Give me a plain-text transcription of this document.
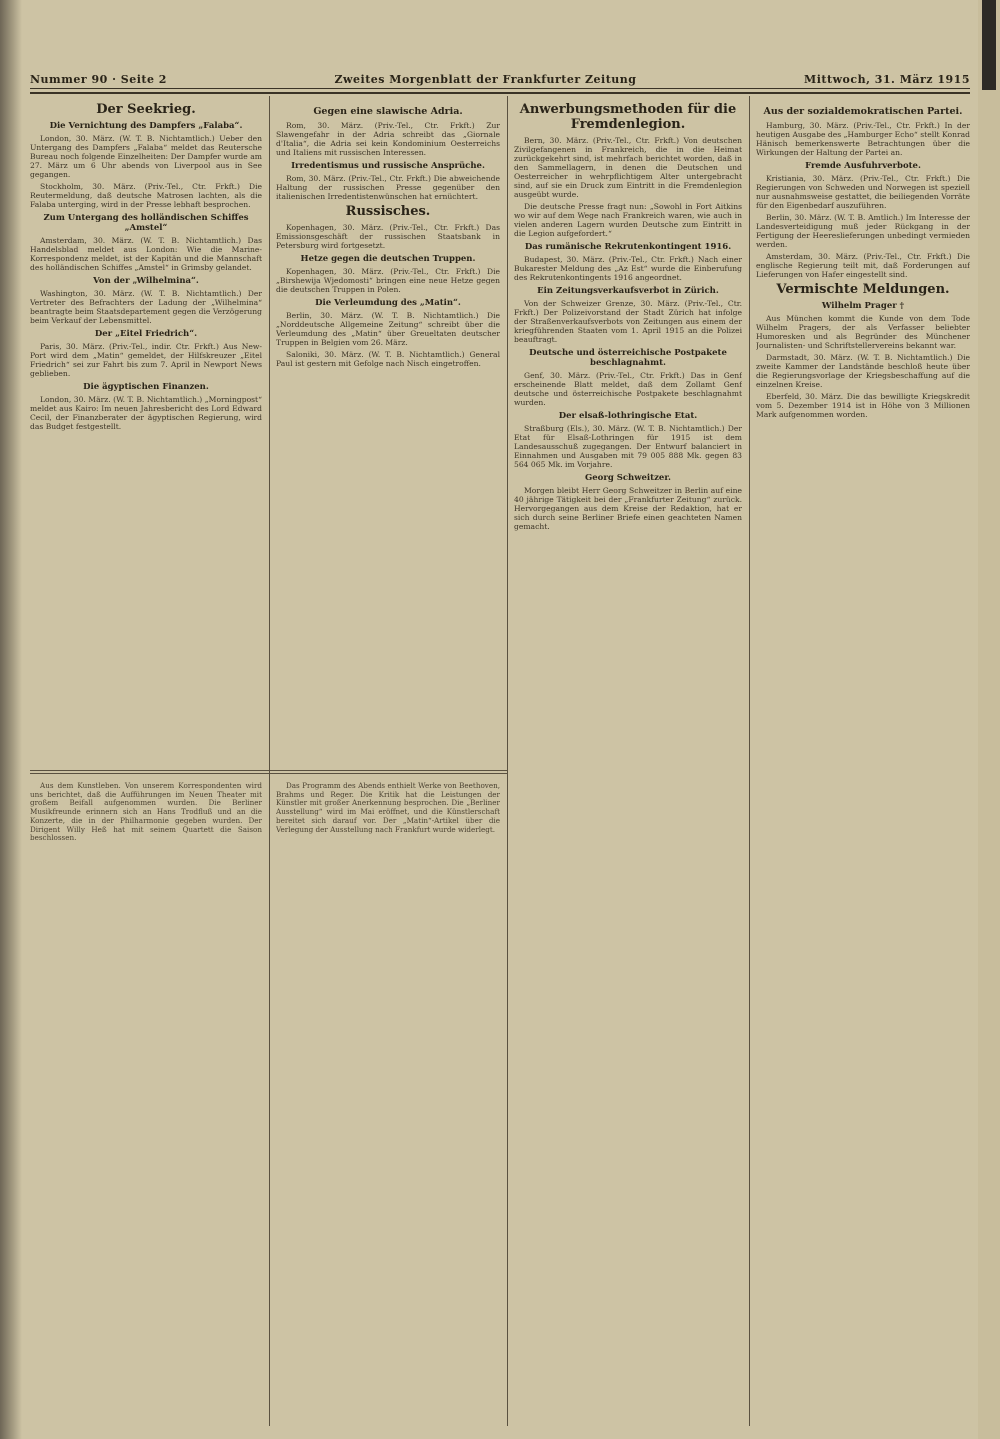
Nummer 90 · Seite 2	Zweites Morgenblatt der Frankfurter Zeitung	Mittwoch, 31. März 1915
Der Seekrieg.
Die Vernichtung des Dampfers „Falaba“.

London, 30. März. (W. T. B. Nichtamtlich.) Ueber den Untergang des Dampfers „Falaba“ meldet das Reutersche Bureau noch folgende Einzelheiten: Der Dampfer wurde am 27. März um 6 Uhr abends von Liverpool aus in See gegangen.

Stockholm, 30. März. (Priv.-Tel., Ctr. Frkft.) Die Reutermeldung, daß deutsche Matrosen lachten, als die Falaba unterging, wird in der Presse lebhaft besprochen.

Zum Untergang des holländischen Schiffes „Amstel“

Amsterdam, 30. März. (W. T. B. Nichtamtlich.) Das Handelsblad meldet aus London: Wie die Marine-Korrespondenz meldet, ist der Kapitän und die Mannschaft des holländischen Schiffes „Amstel“ in Grimsby gelandet.

Von der „Wilhelmina“.

Washington, 30. März. (W. T. B. Nichtamtlich.) Der Vertreter des Befrachters der Ladung der „Wilhelmina“ beantragte beim Staatsdepartement gegen die Verzögerung beim Verkauf der Lebensmittel.

Der „Eitel Friedrich“.

Paris, 30. März. (Priv.-Tel., indir. Ctr. Frkft.) Aus New-Port wird dem „Matin“ gemeldet, der Hilfskreuzer „Eitel Friedrich“ sei zur Fahrt bis zum 7. April in Newport News geblieben.

Die ägyptischen Finanzen.

London, 30. März. (W. T. B. Nichtamtlich.) „Morningpost“ meldet aus Kairo: Im neuen Jahresbericht des Lord Edward Cecil, der Finanzberater der ägyptischen Regierung, wird das Budget festgestellt.

Gegen eine slawische Adria.

Rom, 30. März. (Priv.-Tel., Ctr. Frkft.) Zur Slawengefahr in der Adria schreibt das „Giornale d'Italia“, die Adria sei kein Kondominium Oesterreichs und Italiens mit russischen Interessen.

Irredentismus und russische Ansprüche.

Rom, 30. März. (Priv.-Tel., Ctr. Frkft.) Die abweichende Haltung der russischen Presse gegenüber den italienischen Irredentistenwünschen hat ernüchtert.

Russisches.

Kopenhagen, 30. März. (Priv.-Tel., Ctr. Frkft.) Das Emissionsgeschäft der russischen Staatsbank in Petersburg wird fortgesetzt.

Hetze gegen die deutschen Truppen.

Kopenhagen, 30. März. (Priv.-Tel., Ctr. Frkft.) Die „Birshewija Wjedomosti“ bringen eine neue Hetze gegen die deutschen Truppen in Polen.

Die Verleumdung des „Matin“.

Berlin, 30. März. (W. T. B. Nichtamtlich.) Die „Norddeutsche Allgemeine Zeitung“ schreibt über die Verleumdung des „Matin“ über Greueltaten deutscher Truppen in Belgien vom 26. März.

Saloniki, 30. März. (W. T. B. Nichtamtlich.) General Paul ist gestern mit Gefolge nach Nisch eingetroffen.

Anwerbungsmethoden für die Fremdenlegion.

Bern, 30. März. (Priv.-Tel., Ctr. Frkft.) Von deutschen Zivilgefangenen in Frankreich, die in die Heimat zurückgekehrt sind, ist mehrfach berichtet worden, daß in den Sammellagern, in denen die Deutschen und Oesterreicher in wehrpflichtigem Alter untergebracht sind, auf sie ein Druck zum Eintritt in die Fremdenlegion ausgeübt wurde.

Die deutsche Presse fragt nun: „Sowohl in Fort Aitkins wo wir auf dem Wege nach Frankreich waren, wie auch in vielen anderen Lagern wurden Deutsche zum Eintritt in die Legion aufgefordert.“

Das rumänische Rekrutenkontingent 1916.

Budapest, 30. März. (Priv.-Tel., Ctr. Frkft.) Nach einer Bukarester Meldung des „Az Est“ wurde die Einberufung des Rekrutenkontingents 1916 angeordnet.

Ein Zeitungsverkaufsverbot in Zürich.

Von der Schweizer Grenze, 30. März. (Priv.-Tel., Ctr. Frkft.) Der Polizeivorstand der Stadt Zürich hat infolge der Straßenverkaufsverbots von Zeitungen aus einem der kriegführenden Staaten vom 1. April 1915 an die Polizei beauftragt.

Deutsche und österreichische Postpakete beschlagnahmt.

Genf, 30. März. (Priv.-Tel., Ctr. Frkft.) Das in Genf erscheinende Blatt meldet, daß dem Zollamt Genf deutsche und österreichische Postpakete beschlagnahmt wurden.

Der elsaß-lothringische Etat.

Straßburg (Els.), 30. März. (W. T. B. Nichtamtlich.) Der Etat für Elsaß-Lothringen für 1915 ist dem Landesausschuß zugegangen. Der Entwurf balanciert in Einnahmen und Ausgaben mit 79 005 888 Mk. gegen 83 564 065 Mk. im Vorjahre.

Georg Schweitzer.

Morgen bleibt Herr Georg Schweitzer in Berlin auf eine 40 jährige Tätigkeit bei der „Frankfurter Zeitung“ zurück. Hervorgegangen aus dem Kreise der Redaktion, hat er sich durch seine Berliner Briefe einen geachteten Namen gemacht.

Aus der sozialdemokratischen Partei.

Hamburg, 30. März. (Priv.-Tel., Ctr. Frkft.) In der heutigen Ausgabe des „Hamburger Echo“ stellt Konrad Hänisch bemerkenswerte Betrachtungen über die Wirkungen der Haltung der Partei an.

Fremde Ausfuhrverbote.

Kristiania, 30. März. (Priv.-Tel., Ctr. Frkft.) Die Regierungen von Schweden und Norwegen ist speziell nur ausnahmsweise gestattet, die beiliegenden Vorräte für den Eigenbedarf auszuführen.

Berlin, 30. März. (W. T. B. Amtlich.) Im Interesse der Landesverteidigung muß jeder Rückgang in der Fertigung der Heereslieferungen unbedingt vermieden werden.

Amsterdam, 30. März. (Priv.-Tel., Ctr. Frkft.) Die englische Regierung teilt mit, daß Forderungen auf Lieferungen von Hafer eingestellt sind.

Vermischte Meldungen.
Wilhelm Prager †

Aus München kommt die Kunde von dem Tode Wilhelm Pragers, der als Verfasser beliebter Humoresken und als Begründer des Münchener Journalisten- und Schriftstellervereins bekannt war.

Darmstadt, 30. März. (W. T. B. Nichtamtlich.) Die zweite Kammer der Landstände beschloß heute über die Regierungsvorlage der Kriegsbeschaffung auf die einzelnen Kreise.

Eberfeld, 30. März. Die das bewilligte Kriegskredit vom 5. Dezember 1914 ist in Höhe von 3 Millionen Mark aufgenommen worden.

Aus dem Kunstleben. Von unserem Korrespondenten wird uns berichtet, daß die Aufführungen im Neuen Theater mit großem Beifall aufgenommen wurden. Die Berliner Musikfreunde erinnern sich an Hans Trodfluß und an die Konzerte, die in der Philharmonie gegeben wurden. Der Dirigent Willy Heß hat mit seinem Quartett die Saison beschlossen.

Das Programm des Abends enthielt Werke von Beethoven, Brahms und Reger. Die Kritik hat die Leistungen der Künstler mit großer Anerkennung besprochen. Die „Berliner Ausstellung“ wird im Mai eröffnet, und die Künstlerschaft bereitet sich darauf vor. Der „Matin“-Artikel über die Verlegung der Ausstellung nach Frankfurt wurde widerlegt.
